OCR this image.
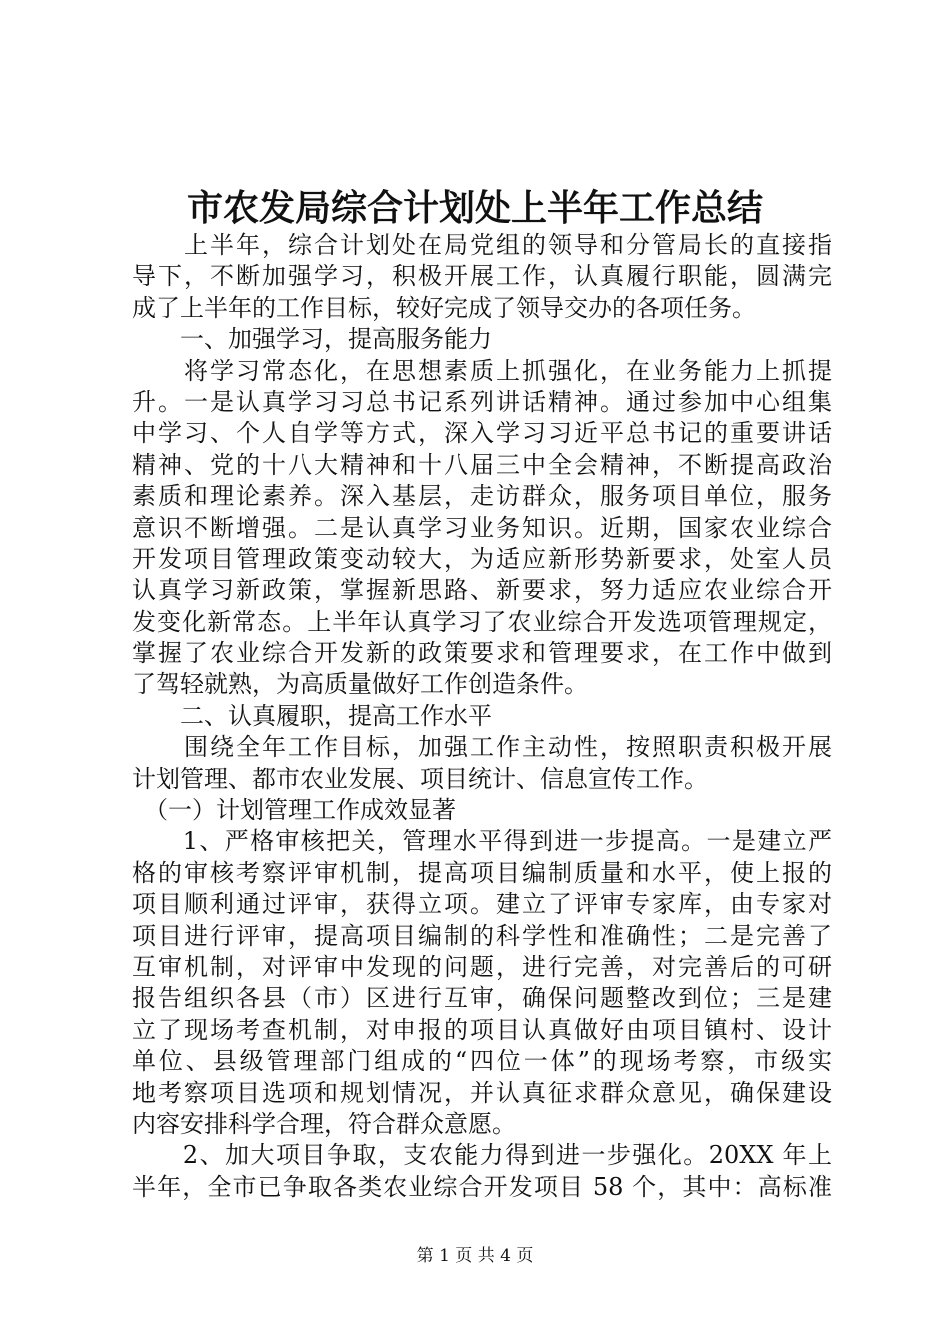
市农发局综合计划处上半年工作总结
　　上半年，综合计划处在局党组的领导和分管局长的直接指
导下，不断加强学习，积极开展工作，认真履行职能，圆满完
成了上半年的工作目标，较好完成了领导交办的各项任务。
　　一、加强学习，提高服务能力
　　将学习常态化，在思想素质上抓强化，在业务能力上抓提
升。一是认真学习习总书记系列讲话精神。通过参加中心组集
中学习、个人自学等方式，深入学习习近平总书记的重要讲话
精神、党的十八大精神和十八届三中全会精神，不断提高政治
素质和理论素养。深入基层，走访群众，服务项目单位，服务
意识不断增强。二是认真学习业务知识。近期，国家农业综合
开发项目管理政策变动较大，为适应新形势新要求，处室人员
认真学习新政策，掌握新思路、新要求，努力适应农业综合开
发变化新常态。上半年认真学习了农业综合开发选项管理规定，
掌握了农业综合开发新的政策要求和管理要求，在工作中做到
了驾轻就熟，为高质量做好工作创造条件。
　　二、认真履职，提高工作水平
　　围绕全年工作目标，加强工作主动性，按照职责积极开展
计划管理、都市农业发展、项目统计、信息宣传工作。
　（一）计划管理工作成效显著
　　1、严格审核把关，管理水平得到进一步提高。一是建立严
格的审核考察评审机制，提高项目编制质量和水平，使上报的
项目顺利通过评审，获得立项。建立了评审专家库，由专家对
项目进行评审，提高项目编制的科学性和准确性；二是完善了
互审机制，对评审中发现的问题，进行完善，对完善后的可研
报告组织各县（市）区进行互审，确保问题整改到位；三是建
立了现场考查机制，对申报的项目认真做好由项目镇村、设计
单位、县级管理部门组成的“四位一体”的现场考察，市级实
地考察项目选项和规划情况，并认真征求群众意见，确保建设
内容安排科学合理，符合群众意愿。
　　2、加大项目争取，支农能力得到进一步强化。20XX 年上
半年，全市已争取各类农业综合开发项目 58 个，其中：高标准
第 1 页 共 4 页
